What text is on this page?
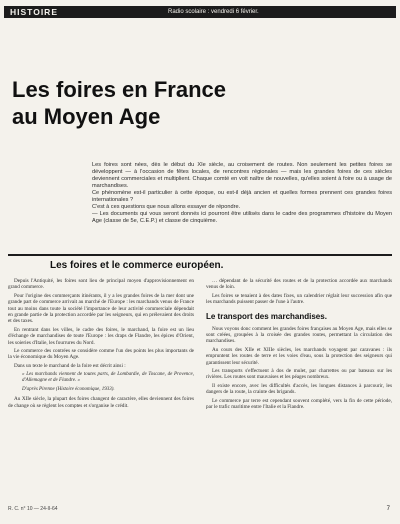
HISTOIRE	Radio scolaire : vendredi 6 février.
Les foires en France
au Moyen Age

Les foires sont nées, dès le début du XIe siècle, au croisement de routes. Non seulement les petites foires se développent — à l'occasion de fêtes locales, de rencontres régionales — mais les grandes foires de ces siècles deviennent commerciales et multiplient. Chaque comté en voit naître de nouvelles, qu'elles soient à foire ou à usage de marchandises.

Ce phénomène est-il particulier à cette époque, ou est-il déjà ancien et quelles formes prennent ces grandes foires internationales ?

C'est à ces questions que nous allons essayer de répondre.

— Les documents qui vous seront donnés ici pourront être utilisés dans le cadre des programmes d'histoire du Moyen Age (classe de 5e, C.E.P.) et classe de cinquième.

Les foires et le commerce européen.

Depuis l'Antiquité, les foires sont lieu de principal moyen d'approvisionnement en grand commerce.

Pour l'origine des commerçants itinérants, il y a les grandes foires de la mer dont une grande part de commerce arrivait au marché de l'Europe : les marchands venus de France tout au moins dans toute la société l'importance de leur activité commerciale dépendait en grande partie de la protection accordée par les seigneurs, qui en prélevaient des droits et des taxes.

En rentrant dans les villes, le cadre des foires, le marchand, la foire est un lieu d'échange de marchandises de toute l'Europe : les draps de Flandre, les épices d'Orient, les soieries d'Italie, les fourrures du Nord.

Le commerce des contrées se considère comme l'un des points les plus importants de la vie économique du Moyen Age.

Dans un texte le marchand de la foire est décrit ainsi :

« Les marchands viennent de toutes parts, de Lombardie, de Toscane, de Provence, d'Allemagne et de Flandre. »
D'après Pirenne (Histoire économique, 1933).

Au XIIe siècle, la plupart des foires changent de caractère, elles deviennent des foires de change où se règlent les comptes et s'organise le crédit.

… dépendant de la sécurité des routes et de la protection accordée aux marchands venus de loin.

Les foires se tenaient à des dates fixes, un calendrier réglait leur succession afin que les marchands puissent passer de l'une à l'autre.

Le transport des marchandises.

Nous voyons donc comment les grandes foires françaises au Moyen Age, mais elles se sont créées, groupées à la croisée des grandes routes, permettant la circulation des marchandises.

Au cours des XIIe et XIIIe siècles, les marchands voyagent par caravanes : ils empruntent les routes de terre et les voies d'eau, sous la protection des seigneurs qui garantissent leur sécurité.

Les transports s'effectuent à dos de mulet, par charrettes ou par bateaux sur les rivières. Les routes sont mauvaises et les péages nombreux.

Il existe encore, avec les difficultés d'accès, les longues distances à parcourir, les dangers de la route, la crainte des brigands.

Le commerce par terre est cependant souvent complété, vers la fin de cette période, par le trafic maritime entre l'Italie et la Flandre.

R. C. n° 10 — 24-II-64	7
